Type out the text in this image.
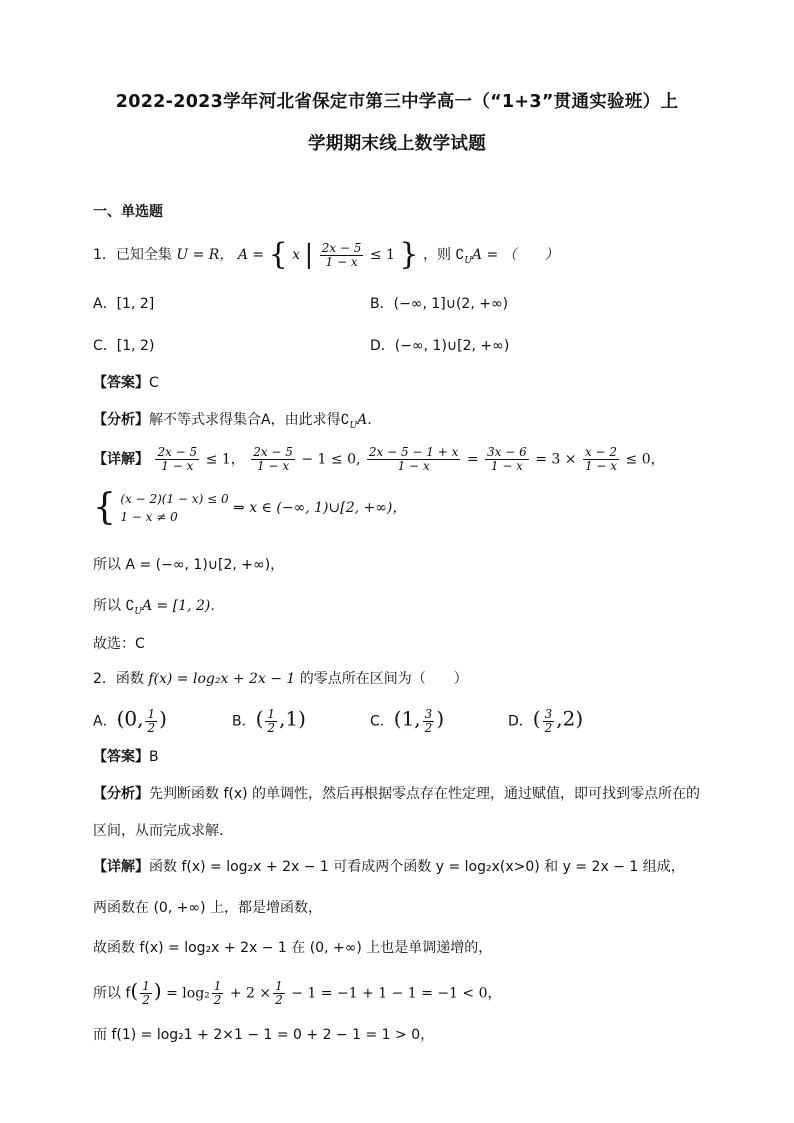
2022-2023学年河北省保定市第三中学高一（“1+3”贯通实验班）上
学期期末线上数学试题
一、单选题
1．已知全集 U = R， A = { x | $\frac{2x - 5}{1 - x} \le 1$ } ，则 $∁_UA$ = （　　）
A．[1, 2]	B．(−∞, 1]∪(2, +∞)
C．[1, 2)	D．(−∞, 1)∪[2, +∞)
【答案】C
【分析】解不等式求得集合A，由此求得$∁_UA$.
【详解】 $\frac{2x - 5}{1 - x} \le 1$， $\frac{2x - 5}{1 - x} - 1 \le 0$, $\frac{2x - 5 - 1 + x}{1 - x} = \frac{3x - 6}{1 - x} = 3 \times \frac{x - 2}{1 - x} \le 0$，
{ (x − 2)(1 − x) ≤ 0
1 − x ≠ 0
⇒ x ∈ (−∞, 1)∪[2, +∞)，
所以 A = (−∞, 1)∪[2, +∞)，
所以 $∁_UA = [1$, 2).
故选：C
2．函数 f(x) = log₂x + 2x − 1 的零点所在区间为（　　）
A．(0, $\frac{1}{2}$ )	B．( $\frac{1}{2} ,1$)	C．(1, $\frac{3}{2}$ )	D．( $\frac{3}{2} ,2$)
【答案】B
【分析】先判断函数 f(x) 的单调性，然后再根据零点存在性定理，通过赋值，即可找到零点所在的
区间，从而完成求解.
【详解】函数 f(x) = log₂x + 2x − 1 可看成两个函数 y = log₂x(x>0) 和 y = 2x − 1 组成，
两函数在 (0, +∞) 上，都是增函数，
故函数 f(x) = log₂x + 2x − 1 在 (0, +∞) 上也是单调递增的，
所以 $f( \frac{1}{2}$ ) = $\log_2 \frac{1}{2} + 2 \times \frac{1}{2} - 1 = -1 + 1 - 1 = -1 < 0$，
而 f(1) = log₂1 + 2×1 − 1 = 0 + 2 − 1 = 1 > 0，
